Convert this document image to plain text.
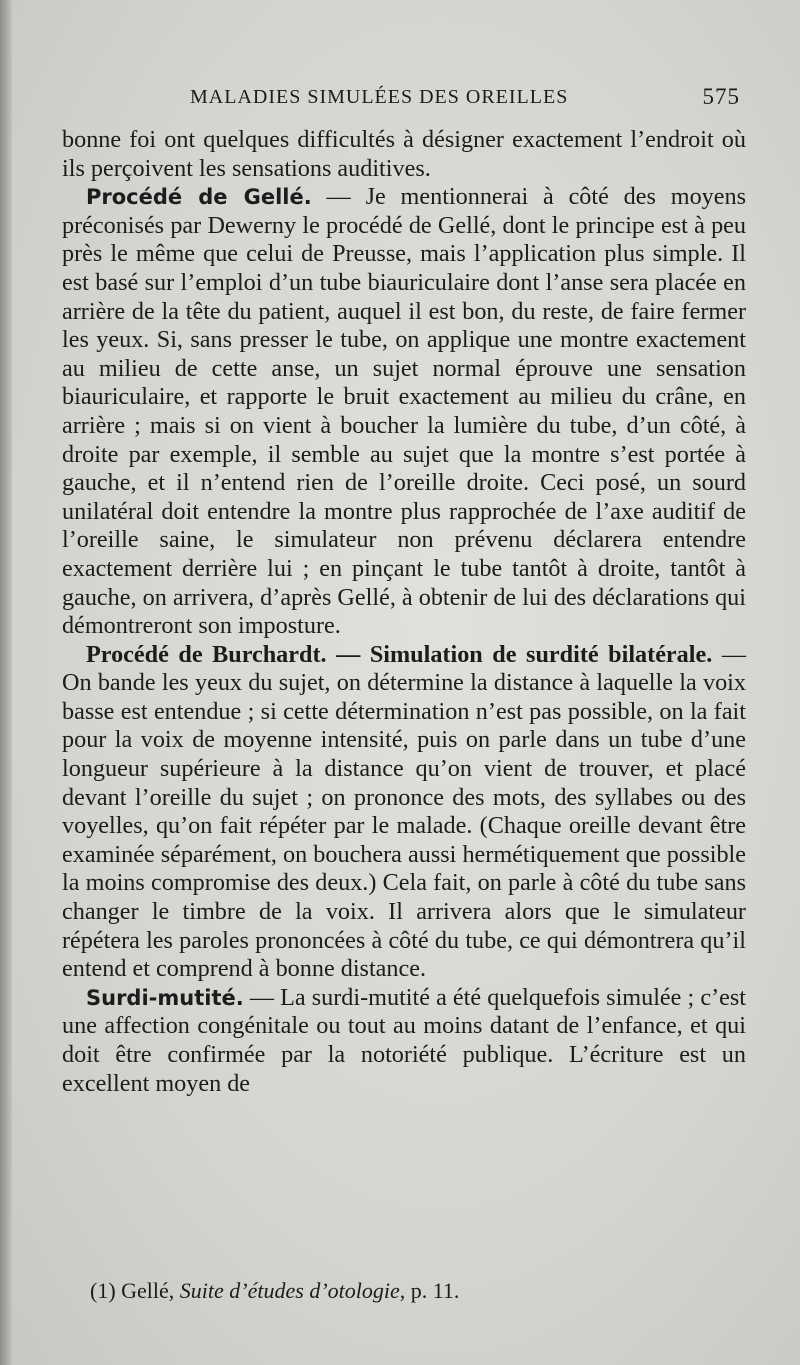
MALADIES SIMULÉES DES OREILLES	575

bonne foi ont quelques difficultés à désigner exactement l’endroit où ils perçoivent les sensations auditives.

Procédé de Gellé. — Je mentionnerai à côté des moyens préconisés par Dewerny le procédé de Gellé, dont le principe est à peu près le même que celui de Preusse, mais l’application plus simple. Il est basé sur l’emploi d’un tube biauriculaire dont l’anse sera placée en arrière de la tête du patient, auquel il est bon, du reste, de faire fermer les yeux. Si, sans presser le tube, on applique une montre exactement au milieu de cette anse, un sujet normal éprouve une sensation biauriculaire, et rapporte le bruit exactement au milieu du crâne, en arrière ; mais si on vient à boucher la lumière du tube, d’un côté, à droite par exemple, il semble au sujet que la montre s’est portée à gauche, et il n’entend rien de l’oreille droite. Ceci posé, un sourd unilatéral doit entendre la montre plus rapprochée de l’axe auditif de l’oreille saine, le simulateur non prévenu déclarera entendre exactement derrière lui ; en pinçant le tube tantôt à droite, tantôt à gauche, on arrivera, d’après Gellé, à obtenir de lui des déclarations qui démontreront son imposture.

Procédé de Burchardt. — Simulation de surdité bilatérale. — On bande les yeux du sujet, on détermine la distance à laquelle la voix basse est entendue ; si cette détermination n’est pas possible, on la fait pour la voix de moyenne intensité, puis on parle dans un tube d’une longueur supérieure à la distance qu’on vient de trouver, et placé devant l’oreille du sujet ; on prononce des mots, des syllabes ou des voyelles, qu’on fait répéter par le malade. (Chaque oreille devant être examinée séparément, on bouchera aussi hermétiquement que possible la moins compromise des deux.) Cela fait, on parle à côté du tube sans changer le timbre de la voix. Il arrivera alors que le simulateur répétera les paroles prononcées à côté du tube, ce qui démontrera qu’il entend et comprend à bonne distance.

Surdi-mutité. — La surdi-mutité a été quelquefois simulée ; c’est une affection congénitale ou tout au moins datant de l’enfance, et qui doit être confirmée par la notoriété publique. L’écriture est un excellent moyen de

(1) Gellé, Suite d’études d’otologie, p. 11.
